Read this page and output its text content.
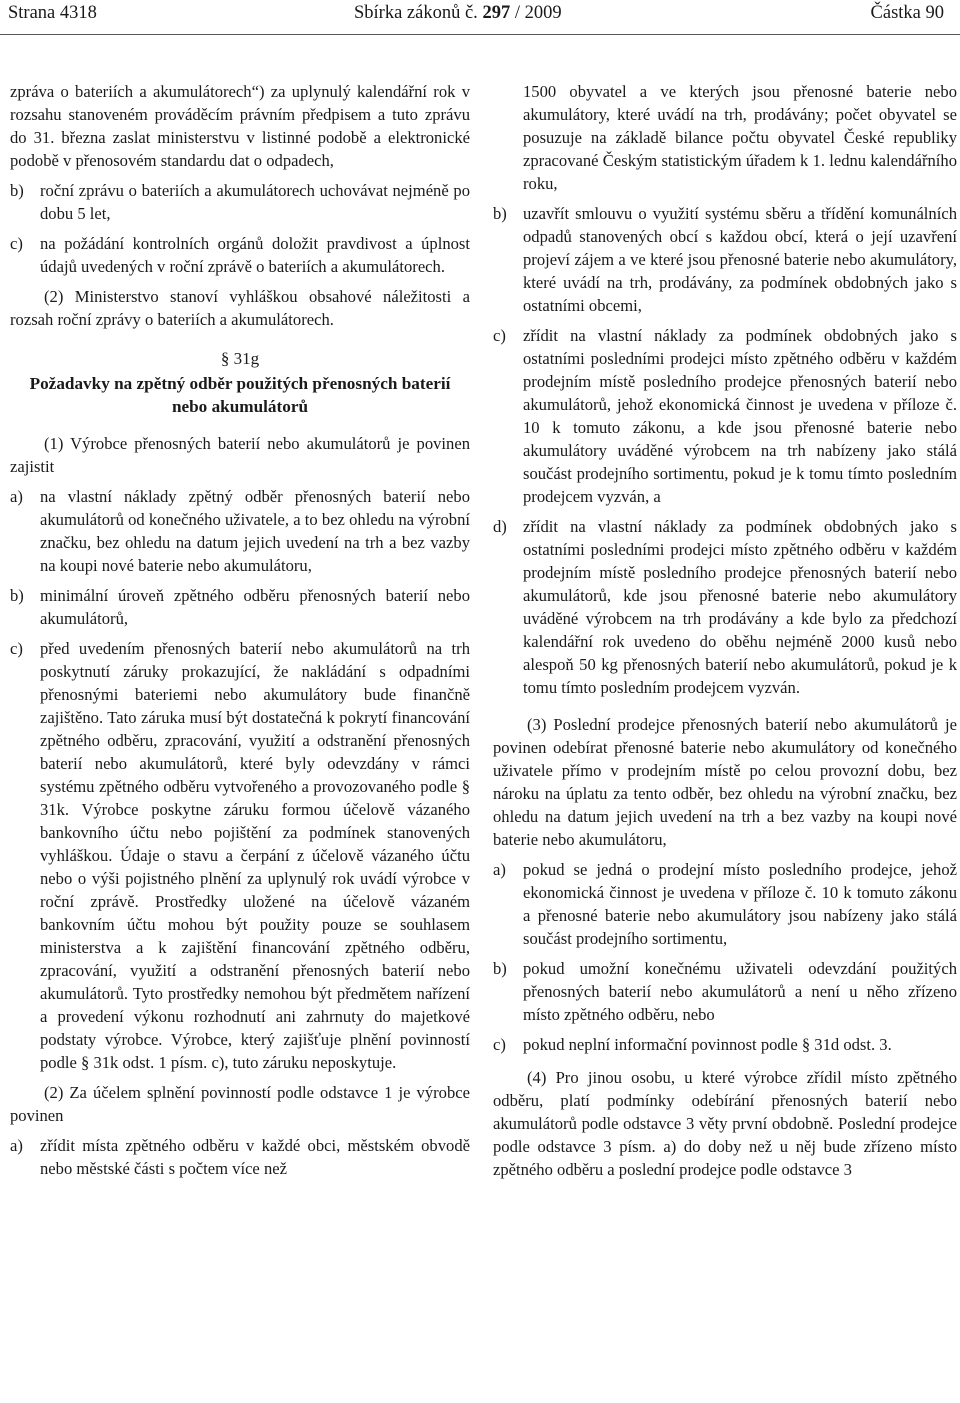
Strana 4318	Sbírka zákonů č. 297 / 2009	Částka 90

zpráva o bateriích a akumulátorech“) za uplynulý kalendářní rok v rozsahu stanoveném prováděcím právním předpisem a tuto zprávu do 31. března zaslat ministerstvu v listinné podobě a elektronické podobě v přenosovém standardu dat o odpadech,

b) roční zprávu o bateriích a akumulátorech uchovávat nejméně po dobu 5 let,
c) na požádání kontrolních orgánů doložit pravdivost a úplnost údajů uvedených v roční zprávě o bateriích a akumulátorech.

(2) Ministerstvo stanoví vyhláškou obsahové náležitosti a rozsah roční zprávy o bateriích a akumulátorech.

§ 31g
Požadavky na zpětný odběr použitých přenosných baterií nebo akumulátorů

(1) Výrobce přenosných baterií nebo akumulátorů je povinen zajistit

a) na vlastní náklady zpětný odběr přenosných baterií nebo akumulátorů od konečného uživatele, a to bez ohledu na výrobní značku, bez ohledu na datum jejich uvedení na trh a bez vazby na koupi nové baterie nebo akumulátoru,
b) minimální úroveň zpětného odběru přenosných baterií nebo akumulátorů,
c) před uvedením přenosných baterií nebo akumulátorů na trh poskytnutí záruky prokazující, že nakládání s odpadními přenosnými bateriemi nebo akumulátory bude finančně zajištěno. Tato záruka musí být dostatečná k pokrytí financování zpětného odběru, zpracování, využití a odstranění přenosných baterií nebo akumulátorů, které byly odevzdány v rámci systému zpětného odběru vytvořeného a provozovaného podle § 31k. Výrobce poskytne záruku formou účelově vázaného bankovního účtu nebo pojištění za podmínek stanovených vyhláškou. Údaje o stavu a čerpání z účelově vázaného účtu nebo o výši pojistného plnění za uplynulý rok uvádí výrobce v roční zprávě. Prostředky uložené na účelově vázaném bankovním účtu mohou být použity pouze se souhlasem ministerstva a k zajištění financování zpětného odběru, zpracování, využití a odstranění přenosných baterií nebo akumulátorů. Tyto prostředky nemohou být předmětem nařízení a provedení výkonu rozhodnutí ani zahrnuty do majetkové podstaty výrobce. Výrobce, který zajišťuje plnění povinností podle § 31k odst. 1 písm. c), tuto záruku neposkytuje.

(2) Za účelem splnění povinností podle odstavce 1 je výrobce povinen

a) zřídit místa zpětného odběru v každé obci, městském obvodě nebo městské části s počtem více než

1500 obyvatel a ve kterých jsou přenosné baterie nebo akumulátory, které uvádí na trh, prodávány; počet obyvatel se posuzuje na základě bilance počtu obyvatel České republiky zpracované Českým statistickým úřadem k 1. lednu kalendářního roku,

b) uzavřít smlouvu o využití systému sběru a třídění komunálních odpadů stanovených obcí s každou obcí, která o její uzavření projeví zájem a ve které jsou přenosné baterie nebo akumulátory, které uvádí na trh, prodávány, za podmínek obdobných jako s ostatními obcemi,
c) zřídit na vlastní náklady za podmínek obdobných jako s ostatními posledními prodejci místo zpětného odběru v každém prodejním místě posledního prodejce přenosných baterií nebo akumulátorů, jehož ekonomická činnost je uvedena v příloze č. 10 k tomuto zákonu, a kde jsou přenosné baterie nebo akumulátory uváděné výrobcem na trh nabízeny jako stálá součást prodejního sortimentu, pokud je k tomu tímto posledním prodejcem vyzván, a
d) zřídit na vlastní náklady za podmínek obdobných jako s ostatními posledními prodejci místo zpětného odběru v každém prodejním místě posledního prodejce přenosných baterií nebo akumulátorů, kde jsou přenosné baterie nebo akumulátory uváděné výrobcem na trh prodávány a kde bylo za předchozí kalendářní rok uvedeno do oběhu nejméně 2000 kusů nebo alespoň 50 kg přenosných baterií nebo akumulátorů, pokud je k tomu tímto posledním prodejcem vyzván.

(3) Poslední prodejce přenosných baterií nebo akumulátorů je povinen odebírat přenosné baterie nebo akumulátory od konečného uživatele přímo v prodejním místě po celou provozní dobu, bez nároku na úplatu za tento odběr, bez ohledu na výrobní značku, bez ohledu na datum jejich uvedení na trh a bez vazby na koupi nové baterie nebo akumulátoru,

a) pokud se jedná o prodejní místo posledního prodejce, jehož ekonomická činnost je uvedena v příloze č. 10 k tomuto zákonu a přenosné baterie nebo akumulátory jsou nabízeny jako stálá součást prodejního sortimentu,
b) pokud umožní konečnému uživateli odevzdání použitých přenosných baterií nebo akumulátorů a není u něho zřízeno místo zpětného odběru, nebo
c) pokud neplní informační povinnost podle § 31d odst. 3.

(4) Pro jinou osobu, u které výrobce zřídil místo zpětného odběru, platí podmínky odebírání přenosných baterií nebo akumulátorů podle odstavce 3 věty první obdobně. Poslední prodejce podle odstavce 3 písm. a) do doby než u něj bude zřízeno místo zpětného odběru a poslední prodejce podle odstavce 3
